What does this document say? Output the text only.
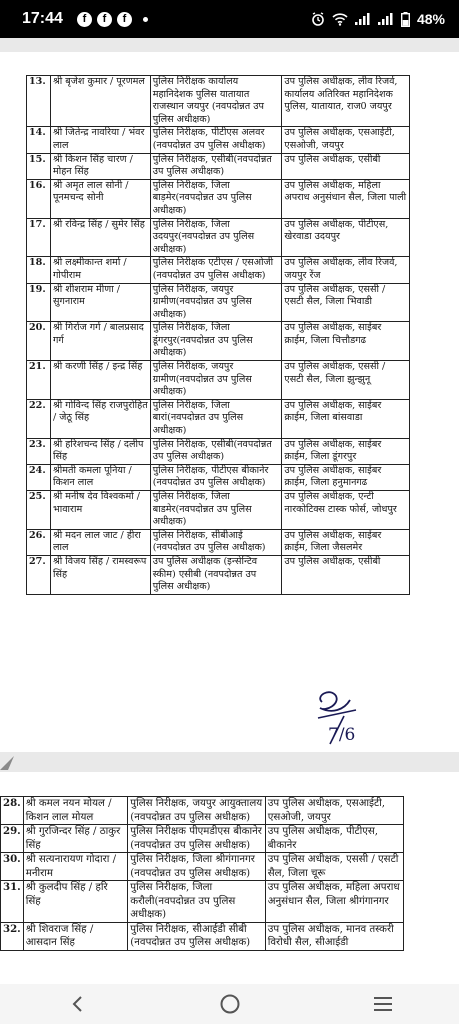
17:44	f	f	f	48%
13.	श्री बृजेश कुमार / पूरणमल	पुलिस निरीक्षक कार्यालय महानिदेशक पुलिस यातायात राजस्थान जयपुर (नवपदोन्नत उप पुलिस अधीक्षक)	उप पुलिस अधीक्षक, लीव रिजर्व, कार्यालय अतिरिक्त महानिदेशक पुलिस, यातायात, राज0 जयपुर
14.	श्री जितेन्द्र नावरिया / भंवर लाल	पुलिस निरीक्षक, पीटीएस अलवर (नवपदोन्नत उप पुलिस अधीक्षक)	उप पुलिस अधीक्षक, एसआईटी, एसओजी, जयपुर
15.	श्री किशन सिंह चारण / मोहन सिंह	पुलिस निरीक्षक, एसीबी(नवपदोन्नत उप पुलिस अधीक्षक)	उप पुलिस अधीक्षक, एसीबी
16.	श्री अमृत लाल सोनी / पूनमचन्द सोनी	पुलिस निरीक्षक, जिला बाड़मेर(नवपदोन्नत उप पुलिस अधीक्षक)	उप पुलिस अधीक्षक, महिला अपराध अनुसंधान सैल, जिला पाली
17.	श्री रविन्द्र सिंह / सुमेर सिंह	पुलिस निरीक्षक, जिला उदयपुर(नवपदोन्नत उप पुलिस अधीक्षक)	उप पुलिस अधीक्षक, पीटीएस, खेरवाडा उदयपुर
18.	श्री लक्ष्मीकान्त शर्मा / गोपीराम	पुलिस निरीक्षक एटीएस / एसओजी (नवपदोन्नत उप पुलिस अधीक्षक)	उप पुलिस अधीक्षक, लीव रिजर्व, जयपुर रेंज
19.	श्री शीशराम मीणा / सुगनाराम	पुलिस निरीक्षक, जयपुर ग्रामीण(नवपदोन्नत उप पुलिस अधीक्षक)	उप पुलिस अधीक्षक, एससी / एसटी सैल, जिला भिवाडी
20.	श्री गिर्राज गर्ग / बालप्रसाद गर्ग	पुलिस निरीक्षक, जिला डूंगरपुर(नवपदोन्नत उप पुलिस अधीक्षक)	उप पुलिस अधीक्षक, साईबर क्राईम, जिला चित्तौडगढ
21.	श्री करणी सिंह / इन्द्र सिंह	पुलिस निरीक्षक, जयपुर ग्रामीण(नवपदोन्नत उप पुलिस अधीक्षक)	उप पुलिस अधीक्षक, एससी / एसटी सैल, जिला झुन्झुनू
22.	श्री गोविन्द सिंह राजपुरोहित / जेठू सिंह	पुलिस निरीक्षक, जिला बारां(नवपदोन्नत उप पुलिस अधीक्षक)	उप पुलिस अधीक्षक, साईबर क्राईम, जिला बांसवाडा
23.	श्री हरिशचन्द सिंह / दलीप सिंह	पुलिस निरीक्षक, एसीबी(नवपदोन्नत उप पुलिस अधीक्षक)	उप पुलिस अधीक्षक, साईबर क्राईम, जिला डूंगरपुर
24.	श्रीमती कमला पूनिया / किशन लाल	पुलिस निरीक्षक, पीटीएस बीकानेर (नवपदोन्नत उप पुलिस अधीक्षक)	उप पुलिस अधीक्षक, साईबर क्राईम, जिला हनुमानगढ
25.	श्री मनीष देव विश्वकर्मा / भावाराम	पुलिस निरीक्षक, जिला बाडमेर(नवपदोन्नत उप पुलिस अधीक्षक)	उप पुलिस अधीक्षक, एन्टी नारकोटिक्स टास्क फोर्स, जोधपुर
26.	श्री मदन लाल जाट / हीरा लाल	पुलिस निरीक्षक, सीबीआई (नवपदोन्नत उप पुलिस अधीक्षक)	उप पुलिस अधीक्षक, साईबर क्राईम, जिला जैसलमेर
27.	श्री विजय सिंह / रामस्वरूप सिंह	उप पुलिस अधीक्षक (इन्सेन्टिव स्कीम) एसीबी (नवपदोन्नत उप पुलिस अधीक्षक)	उप पुलिस अधीक्षक, एसीबी
7/6
28.	श्री कमल नयन मोयल / किशन लाल मोयल	पुलिस निरीक्षक, जयपुर आयुक्तालय (नवपदोन्नत उप पुलिस अधीक्षक)	उप पुलिस अधीक्षक, एसआईटी, एसओजी, जयपुर
29.	श्री गुरजिन्दर सिंह / ठाकुर सिंह	पुलिस निरीक्षक पीएमडीएस बीकानेर (नवपदोन्नत उप पुलिस अधीक्षक)	उप पुलिस अधीक्षक, पीटीएस, बीकानेर
30.	श्री सत्यनारायण गोदारा / मनीराम	पुलिस निरीक्षक, जिला श्रीगंगानगर (नवपदोन्नत उप पुलिस अधीक्षक)	उप पुलिस अधीक्षक, एससी / एसटी सैल, जिला चूरू
31.	श्री कुलदीप सिंह / हरि सिंह	पुलिस निरीक्षक, जिला करौली(नवपदोन्नत उप पुलिस अधीक्षक)	उप पुलिस अधीक्षक, महिला अपराध अनुसंधान सैल, जिला श्रीगंगानगर
32.	श्री शिवराज सिंह / आसदान सिंह	पुलिस निरीक्षक, सीआईडी सीबी (नवपदोन्नत उप पुलिस अधीक्षक)	उप पुलिस अधीक्षक, मानव तस्करी विरोधी सैल, सीआईडी
